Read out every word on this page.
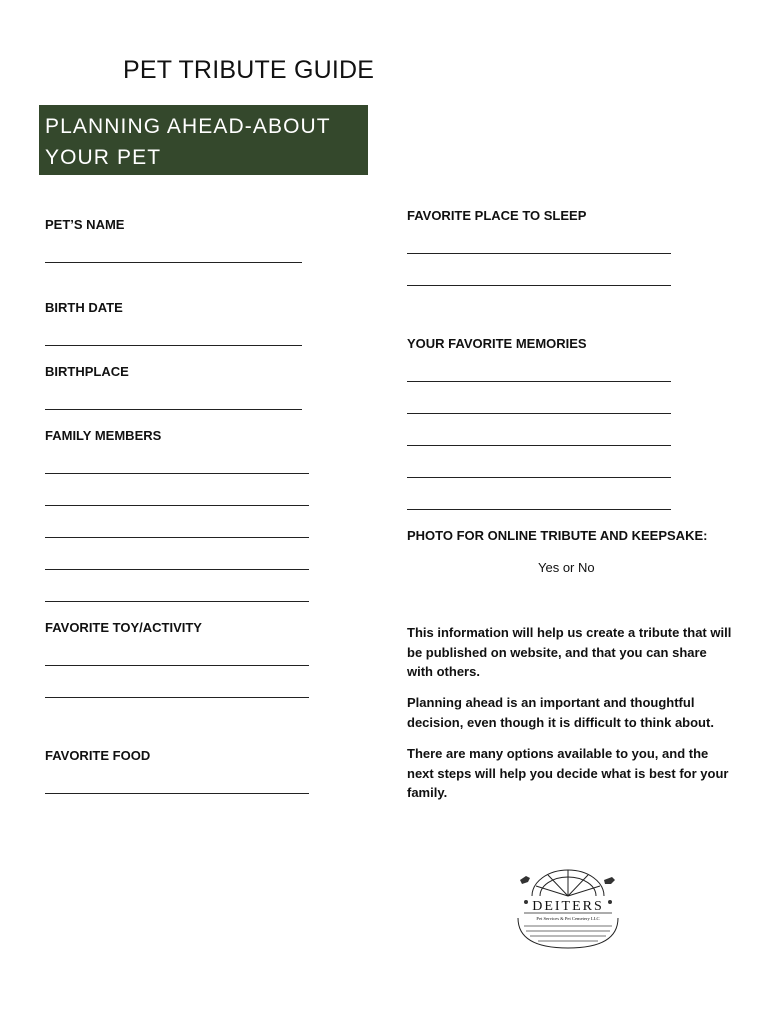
PET TRIBUTE GUIDE
PLANNING AHEAD-ABOUT
YOUR PET
PET’S NAME
BIRTH DATE
BIRTHPLACE
FAMILY MEMBERS
FAVORITE TOY/ACTIVITY
FAVORITE FOOD
FAVORITE PLACE TO SLEEP
YOUR FAVORITE MEMORIES
PHOTO FOR ONLINE TRIBUTE AND KEEPSAKE:
Yes or No
This information will help us create a tribute that will be published on website, and that you can share with others.
Planning ahead is an important and thoughtful decision, even though it is difficult to think about.
There are many options available to you, and the next steps will help you decide what is best for your family.
DEITERS
Pet Services & Pet Cemetery LLC
